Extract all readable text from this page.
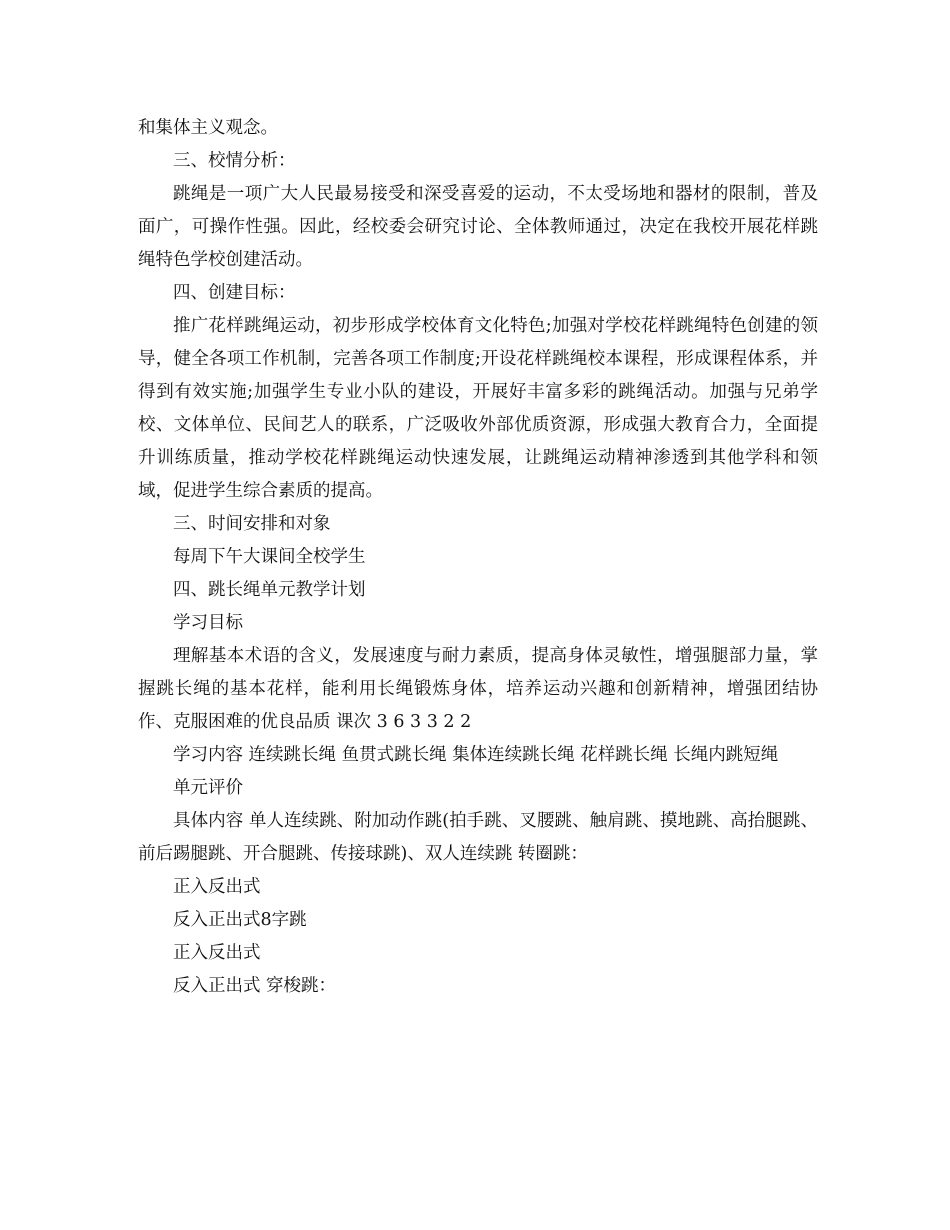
和集体主义观念。

三、校情分析：

跳绳是一项广大人民最易接受和深受喜爱的运动，不太受场地和器材的限制，普及面广，可操作性强。因此，经校委会研究讨论、全体教师通过，决定在我校开展花样跳绳特色学校创建活动。

四、创建目标：

推广花样跳绳运动，初步形成学校体育文化特色;加强对学校花样跳绳特色创建的领导，健全各项工作机制，完善各项工作制度;开设花样跳绳校本课程，形成课程体系，并得到有效实施;加强学生专业小队的建设，开展好丰富多彩的跳绳活动。加强与兄弟学校、文体单位、民间艺人的联系，广泛吸收外部优质资源，形成强大教育合力，全面提升训练质量，推动学校花样跳绳运动快速发展，让跳绳运动精神渗透到其他学科和领域，促进学生综合素质的提高。

三、时间安排和对象

每周下午大课间全校学生

四、跳长绳单元教学计划

学习目标

理解基本术语的含义，发展速度与耐力素质，提高身体灵敏性，增强腿部力量，掌握跳长绳的基本花样，能利用长绳锻炼身体，培养运动兴趣和创新精神，增强团结协作、克服困难的优良品质 课次 3 6 3 3 2 2

学习内容 连续跳长绳 鱼贯式跳长绳 集体连续跳长绳 花样跳长绳 长绳内跳短绳

单元评价

具体内容 单人连续跳、附加动作跳(拍手跳、叉腰跳、触肩跳、摸地跳、高抬腿跳、前后踢腿跳、开合腿跳、传接球跳)、双人连续跳 转圈跳：

正入反出式

反入正出式8字跳

正入反出式

反入正出式 穿梭跳：
